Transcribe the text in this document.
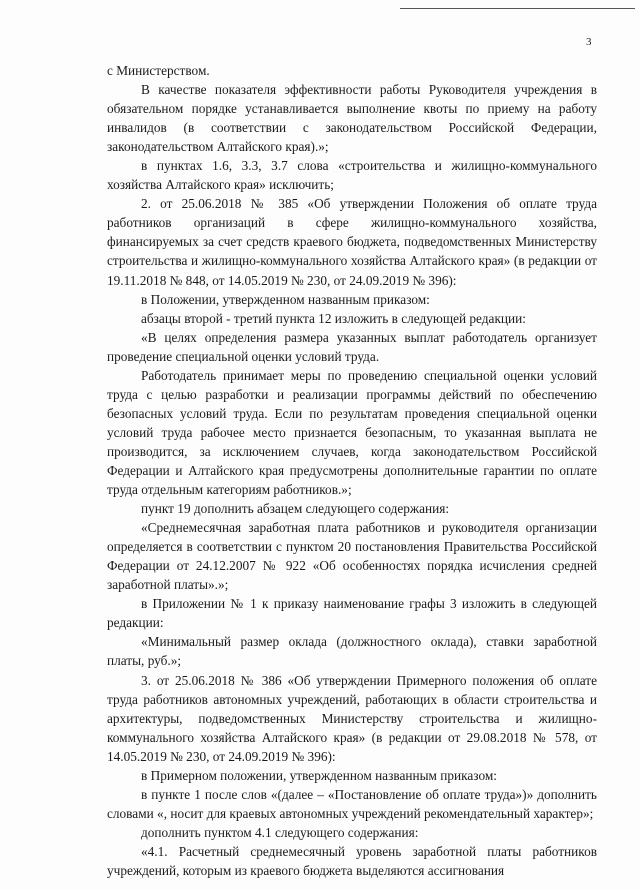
3

с Министерством.

В качестве показателя эффективности работы Руководителя учреждения в обязательном порядке устанавливается выполнение квоты по приему на работу инвалидов (в соответствии с законодательством Российской Федерации, законодательством Алтайского края).»;

в пунктах 1.6, 3.3, 3.7 слова «строительства и жилищно-коммунального хозяйства Алтайского края» исключить;

2. от 25.06.2018 № 385 «Об утверждении Положения об оплате труда работников организаций в сфере жилищно-коммунального хозяйства, финансируемых за счет средств краевого бюджета, подведомственных Министерству строительства и жилищно-коммунального хозяйства Алтайского края» (в редакции от 19.11.2018 № 848, от 14.05.2019 № 230, от 24.09.2019 № 396):

в Положении, утвержденном названным приказом:

абзацы второй - третий пункта 12 изложить в следующей редакции:

«В целях определения размера указанных выплат работодатель организует проведение специальной оценки условий труда.

Работодатель принимает меры по проведению специальной оценки условий труда с целью разработки и реализации программы действий по обеспечению безопасных условий труда. Если по результатам проведения специальной оценки условий труда рабочее место признается безопасным, то указанная выплата не производится, за исключением случаев, когда законодательством Российской Федерации и Алтайского края предусмотрены дополнительные гарантии по оплате труда отдельным категориям работников.»;

пункт 19 дополнить абзацем следующего содержания:

«Среднемесячная заработная плата работников и руководителя организации определяется в соответствии с пунктом 20 постановления Правительства Российской Федерации от 24.12.2007 № 922 «Об особенностях порядка исчисления средней заработной платы».»;

в Приложении № 1 к приказу наименование графы 3 изложить в следующей редакции:

«Минимальный размер оклада (должностного оклада), ставки заработной платы, руб.»;

3. от 25.06.2018 № 386 «Об утверждении Примерного положения об оплате труда работников автономных учреждений, работающих в области строительства и архитектуры, подведомственных Министерству строительства и жилищно-коммунального хозяйства Алтайского края» (в редакции от 29.08.2018 № 578, от 14.05.2019 № 230, от 24.09.2019 № 396):

в Примерном положении, утвержденном названным приказом:

в пункте 1 после слов «(далее – «Постановление об оплате труда»)» дополнить словами «, носит для краевых автономных учреждений рекомендательный характер»;

дополнить пунктом 4.1 следующего содержания:

«4.1. Расчетный среднемесячный уровень заработной платы работников учреждений, которым из краевого бюджета выделяются ассигнования
